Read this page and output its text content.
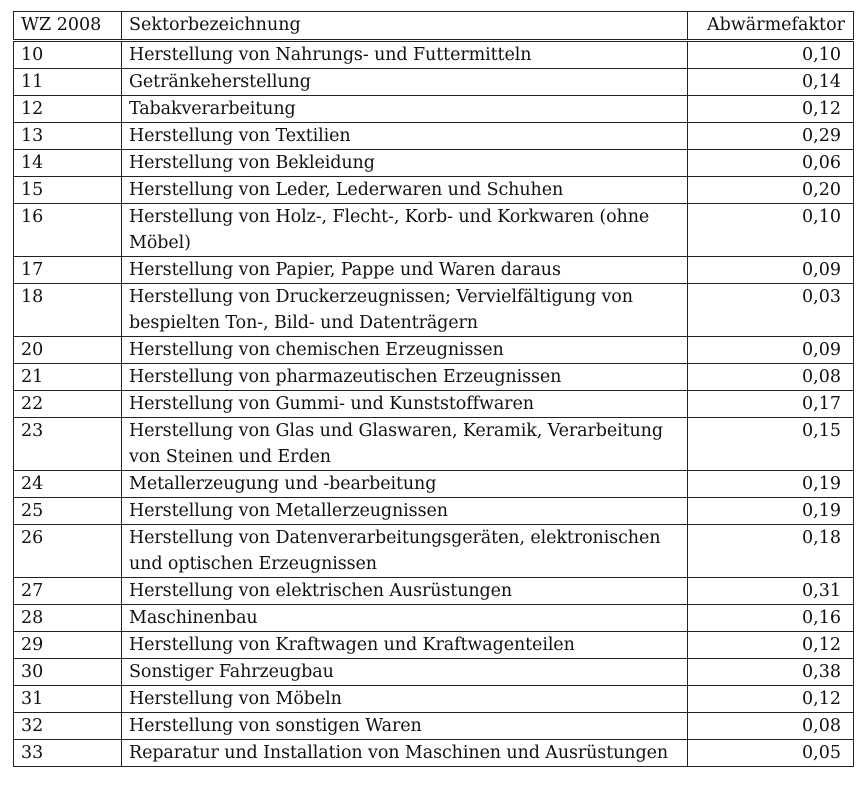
WZ 2008	Sektorbezeichnung	Abwärmefaktor
10	Herstellung von Nahrungs- und Futtermitteln	0,10
11	Getränkeherstellung	0,14
12	Tabakverarbeitung	0,12
13	Herstellung von Textilien	0,29
14	Herstellung von Bekleidung	0,06
15	Herstellung von Leder, Lederwaren und Schuhen	0,20
16	Herstellung von Holz-, Flecht-, Korb- und Korkwaren (ohne Möbel)	0,10
17	Herstellung von Papier, Pappe und Waren daraus	0,09
18	Herstellung von Druckerzeugnissen; Vervielfältigung von bespielten Ton-, Bild- und Datenträgern	0,03
20	Herstellung von chemischen Erzeugnissen	0,09
21	Herstellung von pharmazeutischen Erzeugnissen	0,08
22	Herstellung von Gummi- und Kunststoffwaren	0,17
23	Herstellung von Glas und Glaswaren, Keramik, Verarbeitung von Steinen und Erden	0,15
24	Metallerzeugung und -bearbeitung	0,19
25	Herstellung von Metallerzeugnissen	0,19
26	Herstellung von Datenverarbeitungsgeräten, elektronischen und optischen Erzeugnissen	0,18
27	Herstellung von elektrischen Ausrüstungen	0,31
28	Maschinenbau	0,16
29	Herstellung von Kraftwagen und Kraftwagenteilen	0,12
30	Sonstiger Fahrzeugbau	0,38
31	Herstellung von Möbeln	0,12
32	Herstellung von sonstigen Waren	0,08
33	Reparatur und Installation von Maschinen und Ausrüstungen	0,05
